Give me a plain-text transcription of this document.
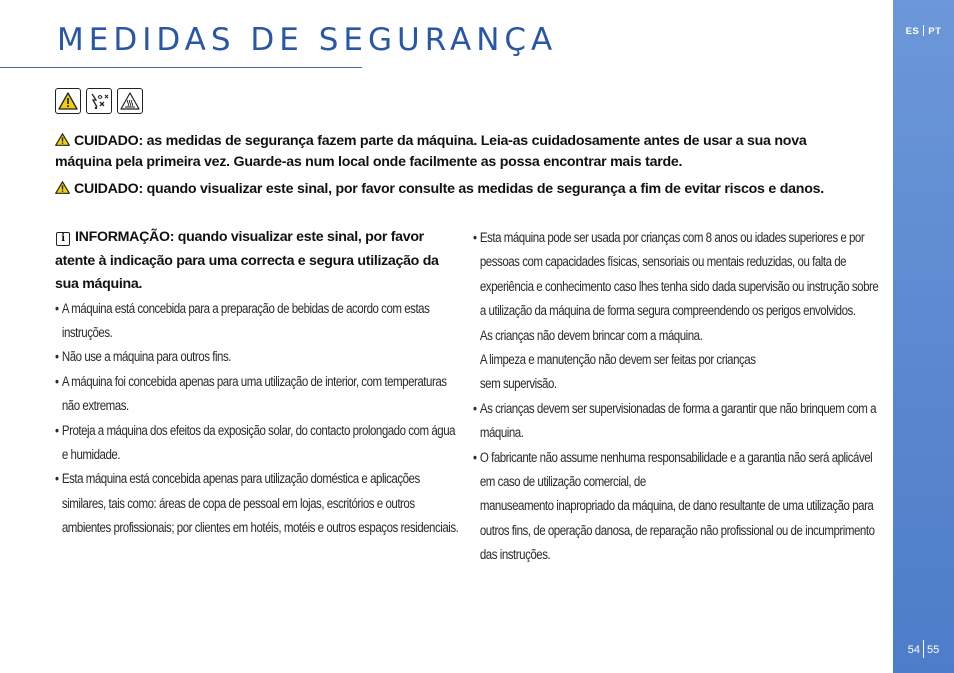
MEDIDAS DE SEGURANÇA

CUIDADO: as medidas de segurança fazem parte da máquina. Leia-as cuidadosamente antes de usar a sua nova máquina pela primeira vez. Guarde-as num local onde facilmente as possa encontrar mais tarde.

CUIDADO: quando visualizar este sinal, por favor consulte as medidas de segurança a fim de evitar riscos e danos.

i INFORMAÇÃO: quando visualizar este sinal, por favor atente à indicação para uma correcta e segura utilização da sua máquina.

• A máquina está concebida para a preparação de bebidas de acordo com estas instruções.
• Não use a máquina para outros fins.
• A máquina foi concebida apenas para uma utilização de interior, com temperaturas não extremas.
• Proteja a máquina dos efeitos da exposição solar, do contacto prolongado com água e humidade.
• Esta máquina está concebida apenas para utilização doméstica e aplicações similares, tais como: áreas de copa de pessoal em lojas, escritórios e outros ambientes profissionais; por clientes em hotéis, motéis e outros espaços residenciais.
• Esta máquina pode ser usada por crianças com 8 anos ou idades superiores e por pessoas com capacidades físicas, sensoriais ou mentais reduzidas, ou falta de experiência e conhecimento caso lhes tenha sido dada supervisão ou instrução sobre a utilização da máquina de forma segura compreendendo os perigos envolvidos.
As crianças não devem brincar com a máquina.
A limpeza e manutenção não devem ser feitas por crianças
sem supervisão.
• As crianças devem ser supervisionadas de forma a garantir que não brinquem com a máquina.
• O fabricante não assume nenhuma responsabilidade e a garantia não será aplicável em caso de utilização comercial, de
manuseamento inapropriado da máquina, de dano resultante de uma utilização para outros fins, de operação danosa, de reparação não profissional ou de incumprimento das instruções.
ES PT
54 55
